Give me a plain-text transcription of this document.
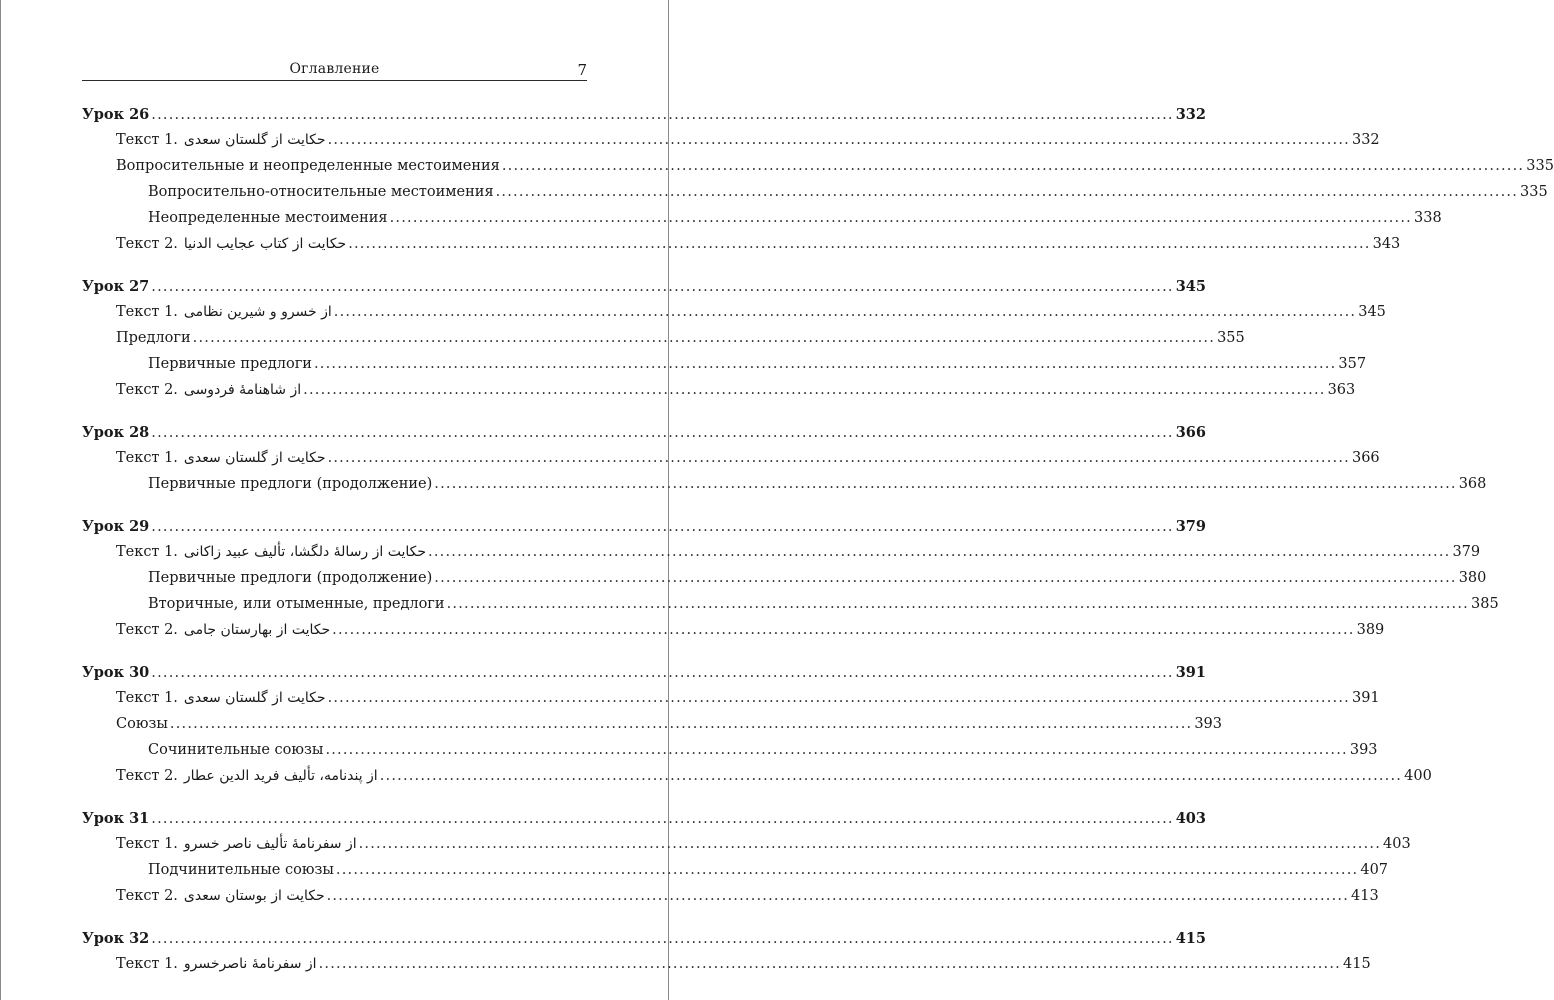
Оглавление	7
Урок 26 .....	332
Текст 1. حکایت از گلستان سعدی .....	332
Вопросительные и неопределенные местоимения .....	335
Вопросительно-относительные местоимения .....	335
Неопределенные местоимения .....	338
Текст 2. حکایت از کتاب عجایب الدنیا .....	343
Урок 27 .....	345
Текст 1. از خسرو و شیرین نظامی .....	345
Предлоги .....	355
Первичные предлоги .....	357
Текст 2. از شاهنامهٔ فردوسی .....	363
Урок 28 .....	366
Текст 1. حکایت از گلستان سعدی .....	366
Первичные предлоги (продолжение) .....	368
Урок 29 .....	379
Текст 1. حکایت از رسالهٔ دلگشا، تألیف عبید زاکانی .....	379
Первичные предлоги (продолжение) .....	380
Вторичные, или отыменные, предлоги .....	385
Текст 2. حکایت از بهارستان جامی .....	389
Урок 30 .....	391
Текст 1. حکایت از گلستان سعدی .....	391
Союзы .....	393
Сочинительные союзы .....	393
Текст 2. از پندنامه، تألیف فرید الدین عطار .....	400
Урок 31 .....	403
Текст 1. از سفرنامهٔ تألیف ناصر خسرو .....	403
Подчинительные союзы .....	407
Текст 2. حکایت از بوستان سعدی .....	413
Урок 32 .....	415
Текст 1. از سفرنامهٔ ناصرخسرو .....	415
